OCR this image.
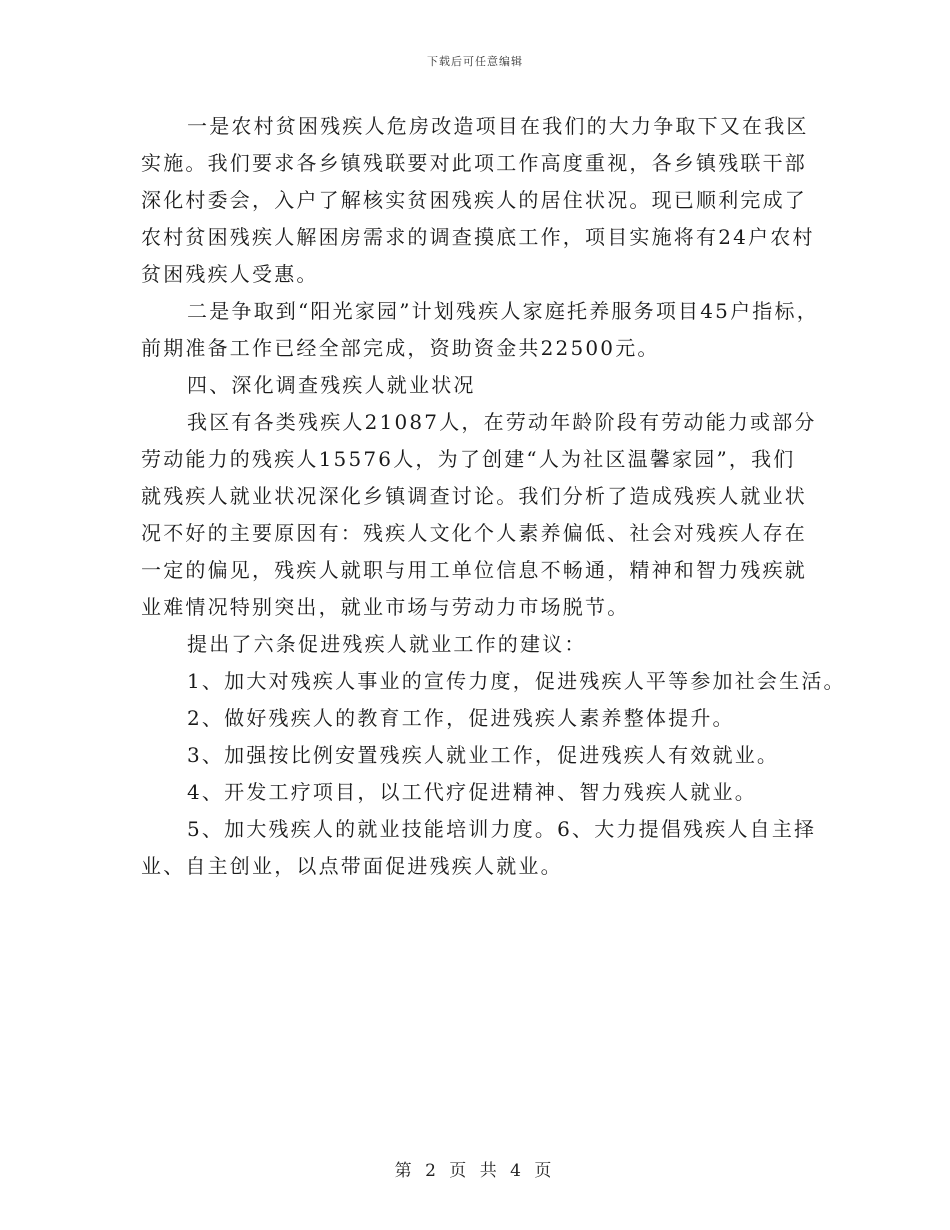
下载后可任意编辑
一是农村贫困残疾人危房改造项目在我们的大力争取下又在我区
实施。我们要求各乡镇残联要对此项工作高度重视，各乡镇残联干部
深化村委会，入户了解核实贫困残疾人的居住状况。现已顺利完成了
农村贫困残疾人解困房需求的调查摸底工作，项目实施将有24户农村
贫困残疾人受惠。
二是争取到“阳光家园”计划残疾人家庭托养服务项目45户指标，
前期准备工作已经全部完成，资助资金共22500元。
四、深化调查残疾人就业状况
我区有各类残疾人21087人，在劳动年龄阶段有劳动能力或部分
劳动能力的残疾人15576人，为了创建“人为社区温馨家园”，我们
就残疾人就业状况深化乡镇调查讨论。我们分析了造成残疾人就业状
况不好的主要原因有：残疾人文化个人素养偏低、社会对残疾人存在
一定的偏见，残疾人就职与用工单位信息不畅通，精神和智力残疾就
业难情况特别突出，就业市场与劳动力市场脱节。
提出了六条促进残疾人就业工作的建议：
1、加大对残疾人事业的宣传力度，促进残疾人平等参加社会生活。
2、做好残疾人的教育工作，促进残疾人素养整体提升。
3、加强按比例安置残疾人就业工作，促进残疾人有效就业。
4、开发工疗项目，以工代疗促进精神、智力残疾人就业。
5、加大残疾人的就业技能培训力度。6、大力提倡残疾人自主择
业、自主创业，以点带面促进残疾人就业。
第 2 页 共 4 页
